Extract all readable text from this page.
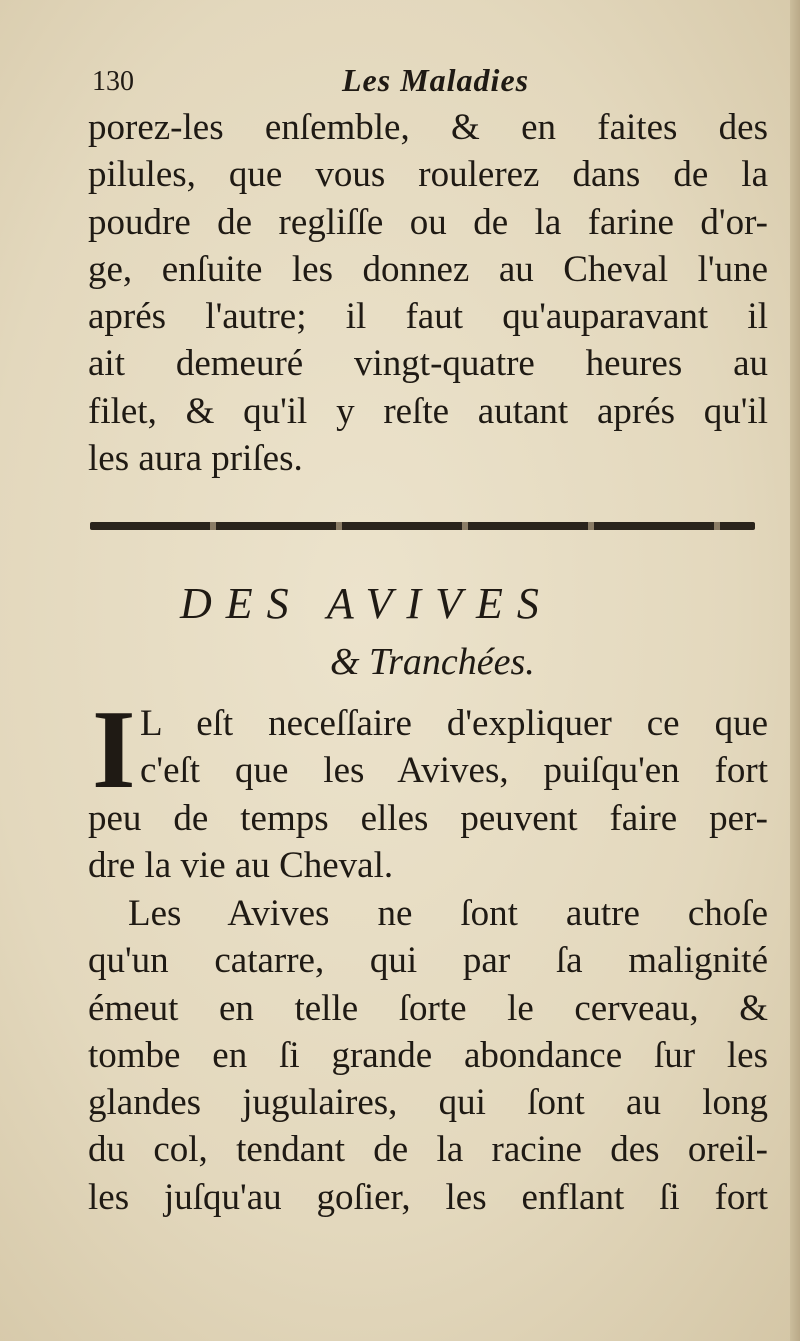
130	Les Maladies
porez-les enſemble, & en faites des
pilules, que vous roulerez dans de la
poudre de regliſſe ou de la farine d'or-
ge, enſuite les donnez au Cheval l'une
aprés l'autre; il faut qu'auparavant il
ait demeuré vingt-quatre heures au
filet, & qu'il y reſte autant aprés qu'il
les aura priſes.
DES AVIVES
& Tranchées.
I L eſt neceſſaire d'expliquer ce que
c'eſt que les Avives, puiſqu'en fort
peu de temps elles peuvent faire per-
dre la vie au Cheval.
Les Avives ne ſont autre choſe
qu'un catarre, qui par ſa malignité
émeut en telle ſorte le cerveau, &
tombe en ſi grande abondance ſur les
glandes jugulaires, qui ſont au long
du col, tendant de la racine des oreil-
les juſqu'au goſier, les enflant ſi fort
